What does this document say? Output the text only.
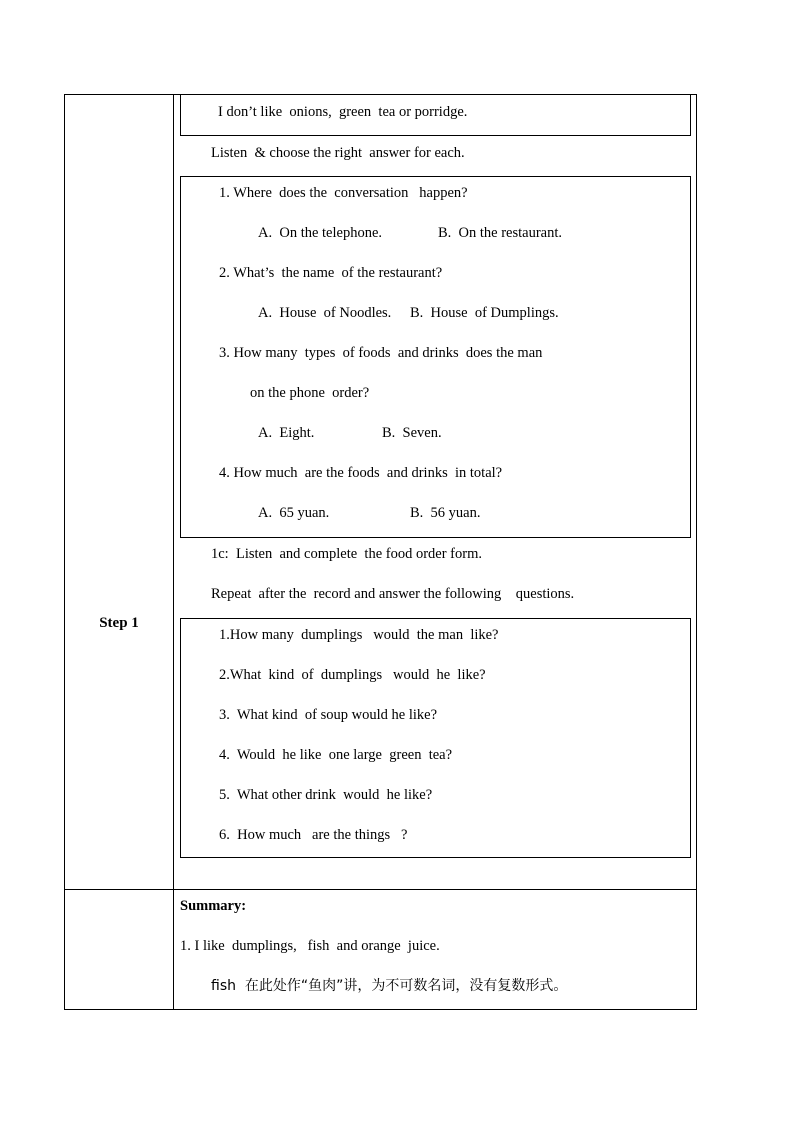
Step 1
I don’t like  onions,  green  tea or porridge.
Listen  & choose the right  answer for each.
1. Where  does the  conversation   happen?
A.  On the telephone.	B.  On the restaurant.
2. What’s  the name  of the restaurant?
A.  House  of Noodles. B.  House  of Dumplings.
3. How many  types  of foods  and drinks  does the man
on the phone  order?
A.  Eight.	B.  Seven.
4. How much  are the foods  and drinks  in total?
A.  65 yuan.	B.  56 yuan.
1c:  Listen  and complete  the food order form.
Repeat  after the  record and answer the following    questions.
1.How many  dumplings   would  the man  like?
2.What  kind  of  dumplings   would  he  like?
3.  What kind  of soup would he like?
4.  Would  he like  one large  green  tea?
5.  What other drink  would  he like?
6.  How much   are the things   ?
Summary:
1. I like  dumplings,   fish  and orange  juice.
fish  在此处作“鱼肉”讲，为不可数名词，没有复数形式。
